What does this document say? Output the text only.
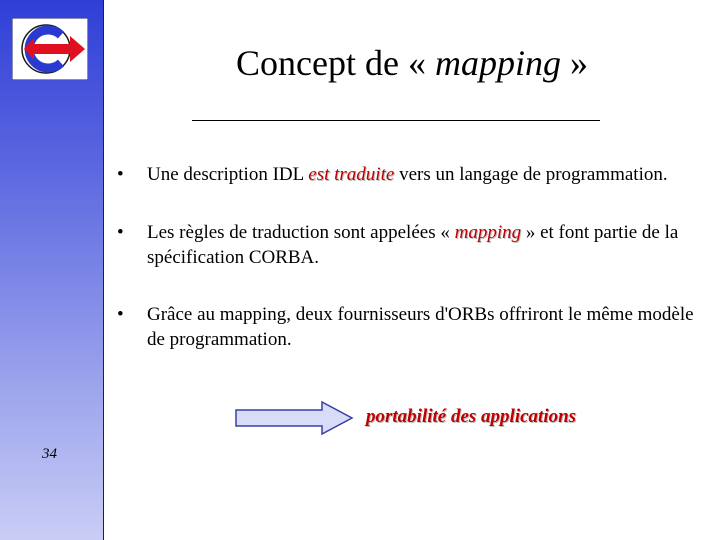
34
Concept de « mapping »
• Une description IDL est traduite vers un langage de programmation.
• Les règles de traduction sont appelées « mapping » et font partie de la spécification CORBA.
• Grâce au mapping, deux fournisseurs d'ORBs offriront le même modèle de programmation.
portabilité des applications
